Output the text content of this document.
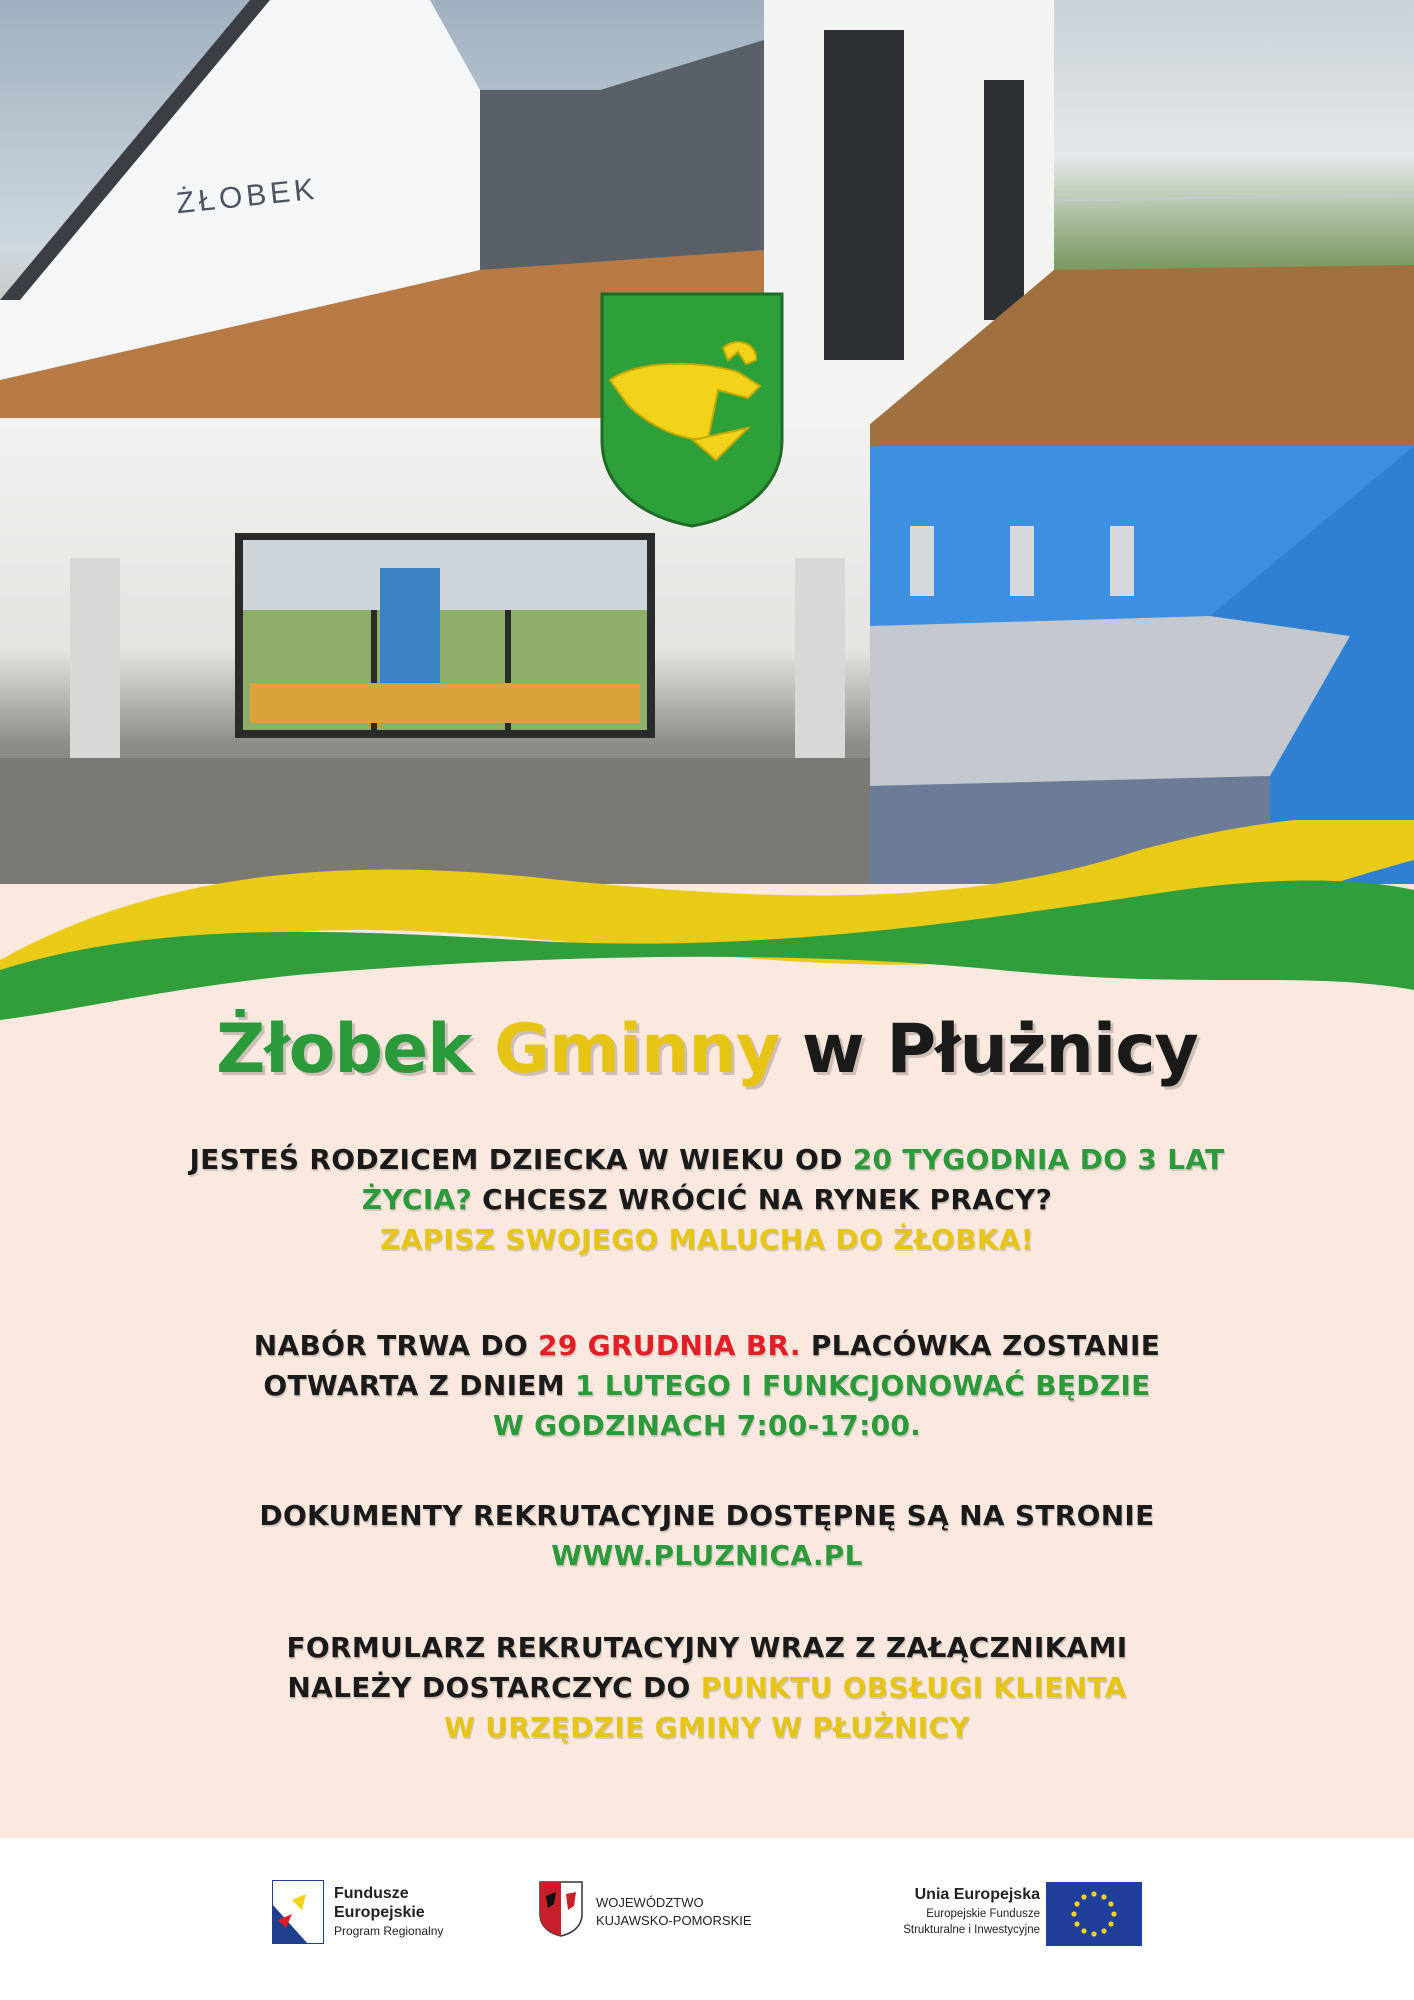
ŻŁOBEK
Żłobek Gminny w Płużnicy
JESTEŚ RODZICEM DZIECKA W WIEKU OD 20 TYGODNIA DO 3 LAT
ŻYCIA? CHCESZ WRÓCIĆ NA RYNEK PRACY?
ZAPISZ SWOJEGO MALUCHA DO ŻŁOBKA!
NABÓR TRWA DO 29 GRUDNIA BR. PLACÓWKA ZOSTANIE
OTWARTA Z DNIEM 1 LUTEGO I FUNKCJONOWAĆ BĘDZIE
W GODZINACH 7:00-17:00.
DOKUMENTY REKRUTACYJNE DOSTĘPNĘ SĄ NA STRONIE
WWW.PLUZNICA.PL
FORMULARZ REKRUTACYJNY WRAZ Z ZAŁĄCZNIKAMI
NALEŻY DOSTARCZYC DO PUNKTU OBSŁUGI KLIENTA
W URZĘDZIE GMINY W PŁUŻNICY
Fundusze
Europejskie
Program Regionalny
WOJEWÓDZTWO
KUJAWSKO-POMORSKIE
Unia Europejska
Europejskie Fundusze
Strukturalne i Inwestycyjne
